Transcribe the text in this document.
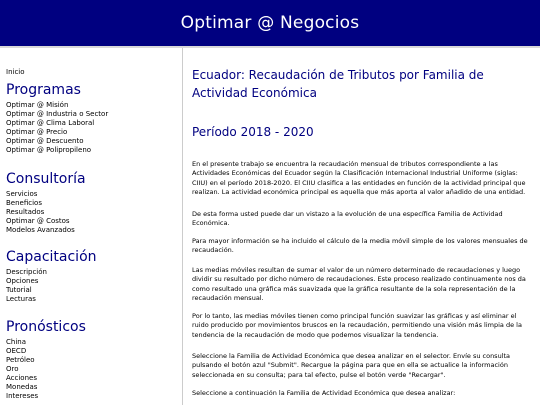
Optimar @ Negocios
Inicio
Programas
Optimar @ Misión
Optimar @ Industria o Sector
Optimar @ Clima Laboral
Optimar @ Precio
Optimar @ Descuento
Optimar @ Polipropileno
Consultoría
Servicios
Beneficios
Resultados
Optimar @ Costos
Modelos Avanzados
Capacitación
Descripción
Opciones
Tutorial
Lecturas
Pronósticos
China
OECD
Petróleo
Oro
Acciones
Monedas
Intereses
Ecuador: Recaudación de Tributos por Familia de Actividad Económica
Período 2018 - 2020

En el presente trabajo se encuentra la recaudación mensual de tributos correspondiente a las Actividades Económicas del Ecuador según la Clasificación Internacional Industrial Uniforme (siglas: CIIU) en el período 2018-2020. El CIIU clasifica a las entidades en función de la actividad principal que realizan. La actividad económica principal es aquella que más aporta al valor añadido de una entidad.

De esta forma usted puede dar un vistazo a la evolución de una específica Familia de Actividad Económica.

Para mayor información se ha incluido el cálculo de la media móvil simple de los valores mensuales de recaudación.

Las medias móviles resultan de sumar el valor de un número determinado de recaudaciones y luego dividir su resultado por dicho número de recaudaciones. Este proceso realizado continuamente nos da como resultado una gráfica más suavizada que la gráfica resultante de la sola representación de la recaudación mensual.

Por lo tanto, las medias móviles tienen como principal función suavizar las gráficas y así eliminar el ruido producido por movimientos bruscos en la recaudación, permitiendo una visión más limpia de la tendencia de la recaudación de modo que podemos visualizar la tendencia.

Seleccione la Familia de Actividad Económica que desea analizar en el selector. Envíe su consulta pulsando el botón azul "Submit". Recargue la página para que en ella se actualice la información seleccionada en su consulta; para tal efecto, pulse el botón verde "Recargar".

Seleccione a continuación la Familia de Actividad Económica que desea analizar:
